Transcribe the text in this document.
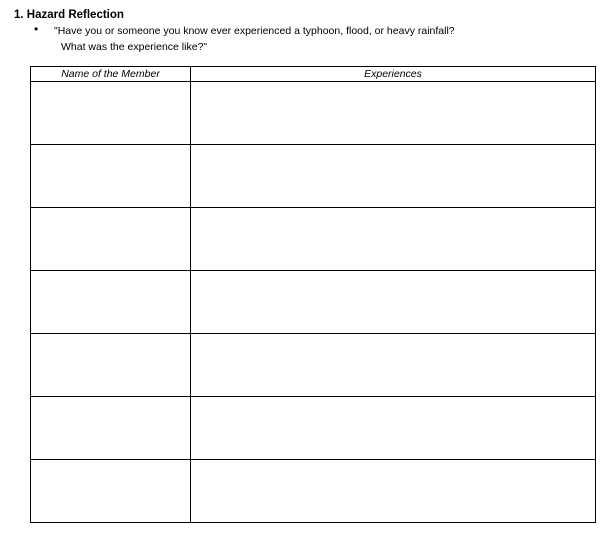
1. Hazard Reflection
• "Have you or someone you know ever experienced a typhoon, flood, or heavy rainfall?
What was the experience like?"
Name of the Member	Experiences
